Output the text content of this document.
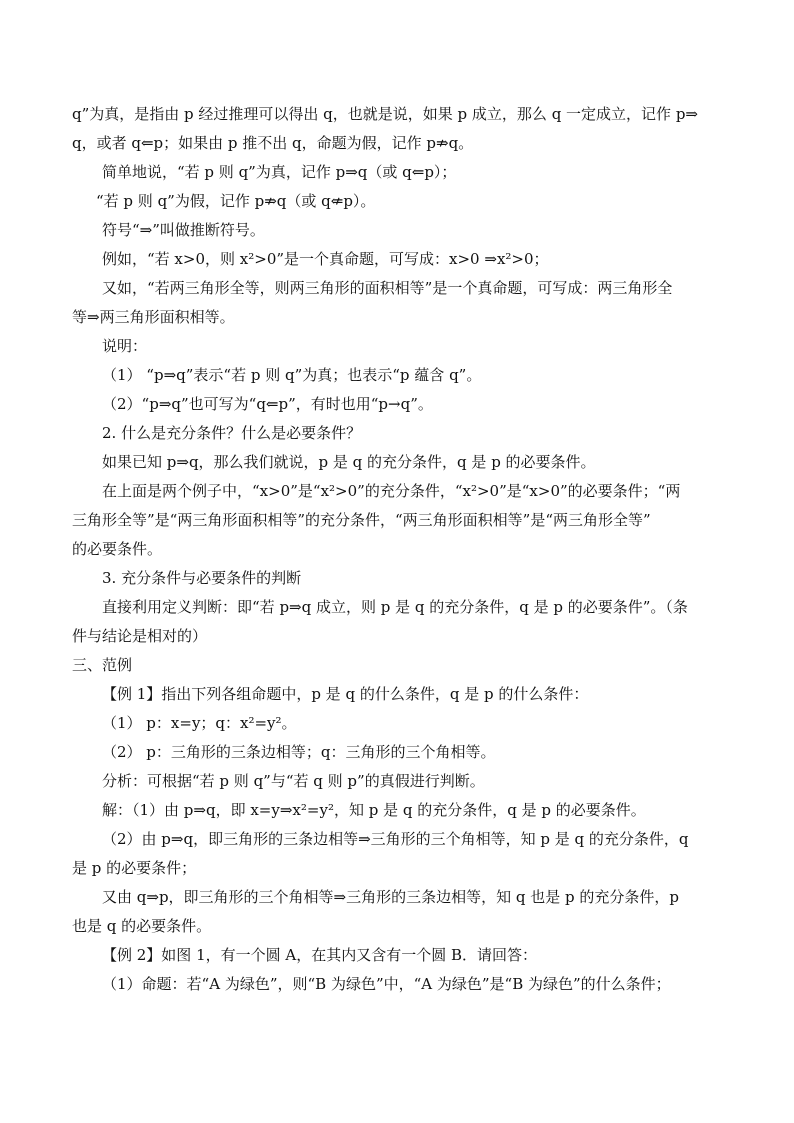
q”为真，是指由 p 经过推理可以得出 q，也就是说，如果 p 成立，那么 q 一定成立，记作 p⇒
q，或者 q⇐p；如果由 p 推不出 q，命题为假，记作 p⇏q。
简单地说，“若 p 则 q”为真，记作 p⇒q（或 q⇐p）；
“若 p 则 q”为假，记作 p⇏q（或 q⇍p）。
符号“⇒”叫做推断符号。
例如，“若 x>0，则 x²>0”是一个真命题，可写成：x>0 ⇒x²>0；
又如，“若两三角形全等，则两三角形的面积相等”是一个真命题，可写成：两三角形全
等⇒两三角形面积相等。
说明：
（1） “p⇒q”表示“若 p 则 q”为真；也表示“p 蕴含 q”。
（2）“p⇒q”也可写为“q⇐p”，有时也用“p→q”。
2. 什么是充分条件？什么是必要条件？
如果已知 p⇒q，那么我们就说，p 是 q 的充分条件，q 是 p 的必要条件。
在上面是两个例子中，“x>0”是“x²>0”的充分条件，“x²>0”是“x>0”的必要条件；“两
三角形全等”是“两三角形面积相等”的充分条件，“两三角形面积相等”是“两三角形全等”
的必要条件。
3. 充分条件与必要条件的判断
直接利用定义判断：即“若 p⇒q 成立，则 p 是 q 的充分条件，q 是 p 的必要条件”。（条
件与结论是相对的）
三、范例
【例 1】指出下列各组命题中，p 是 q 的什么条件，q 是 p 的什么条件：
（1） p：x=y；q：x²=y²。
（2） p：三角形的三条边相等；q：三角形的三个角相等。
分析：可根据“若 p 则 q”与“若 q 则 p”的真假进行判断。
解：（1）由 p⇒q，即 x=y⇒x²=y²，知 p 是 q 的充分条件，q 是 p 的必要条件。
（2）由 p⇒q，即三角形的三条边相等⇒三角形的三个角相等，知 p 是 q 的充分条件，q
是 p 的必要条件；
又由 q⇒p，即三角形的三个角相等⇒三角形的三条边相等，知 q 也是 p 的充分条件，p
也是 q 的必要条件。
【例 2】如图 1，有一个圆 A，在其内又含有一个圆 B．请回答：
（1）命题：若“A 为绿色”，则“B 为绿色”中，“A 为绿色”是“B 为绿色”的什么条件；
